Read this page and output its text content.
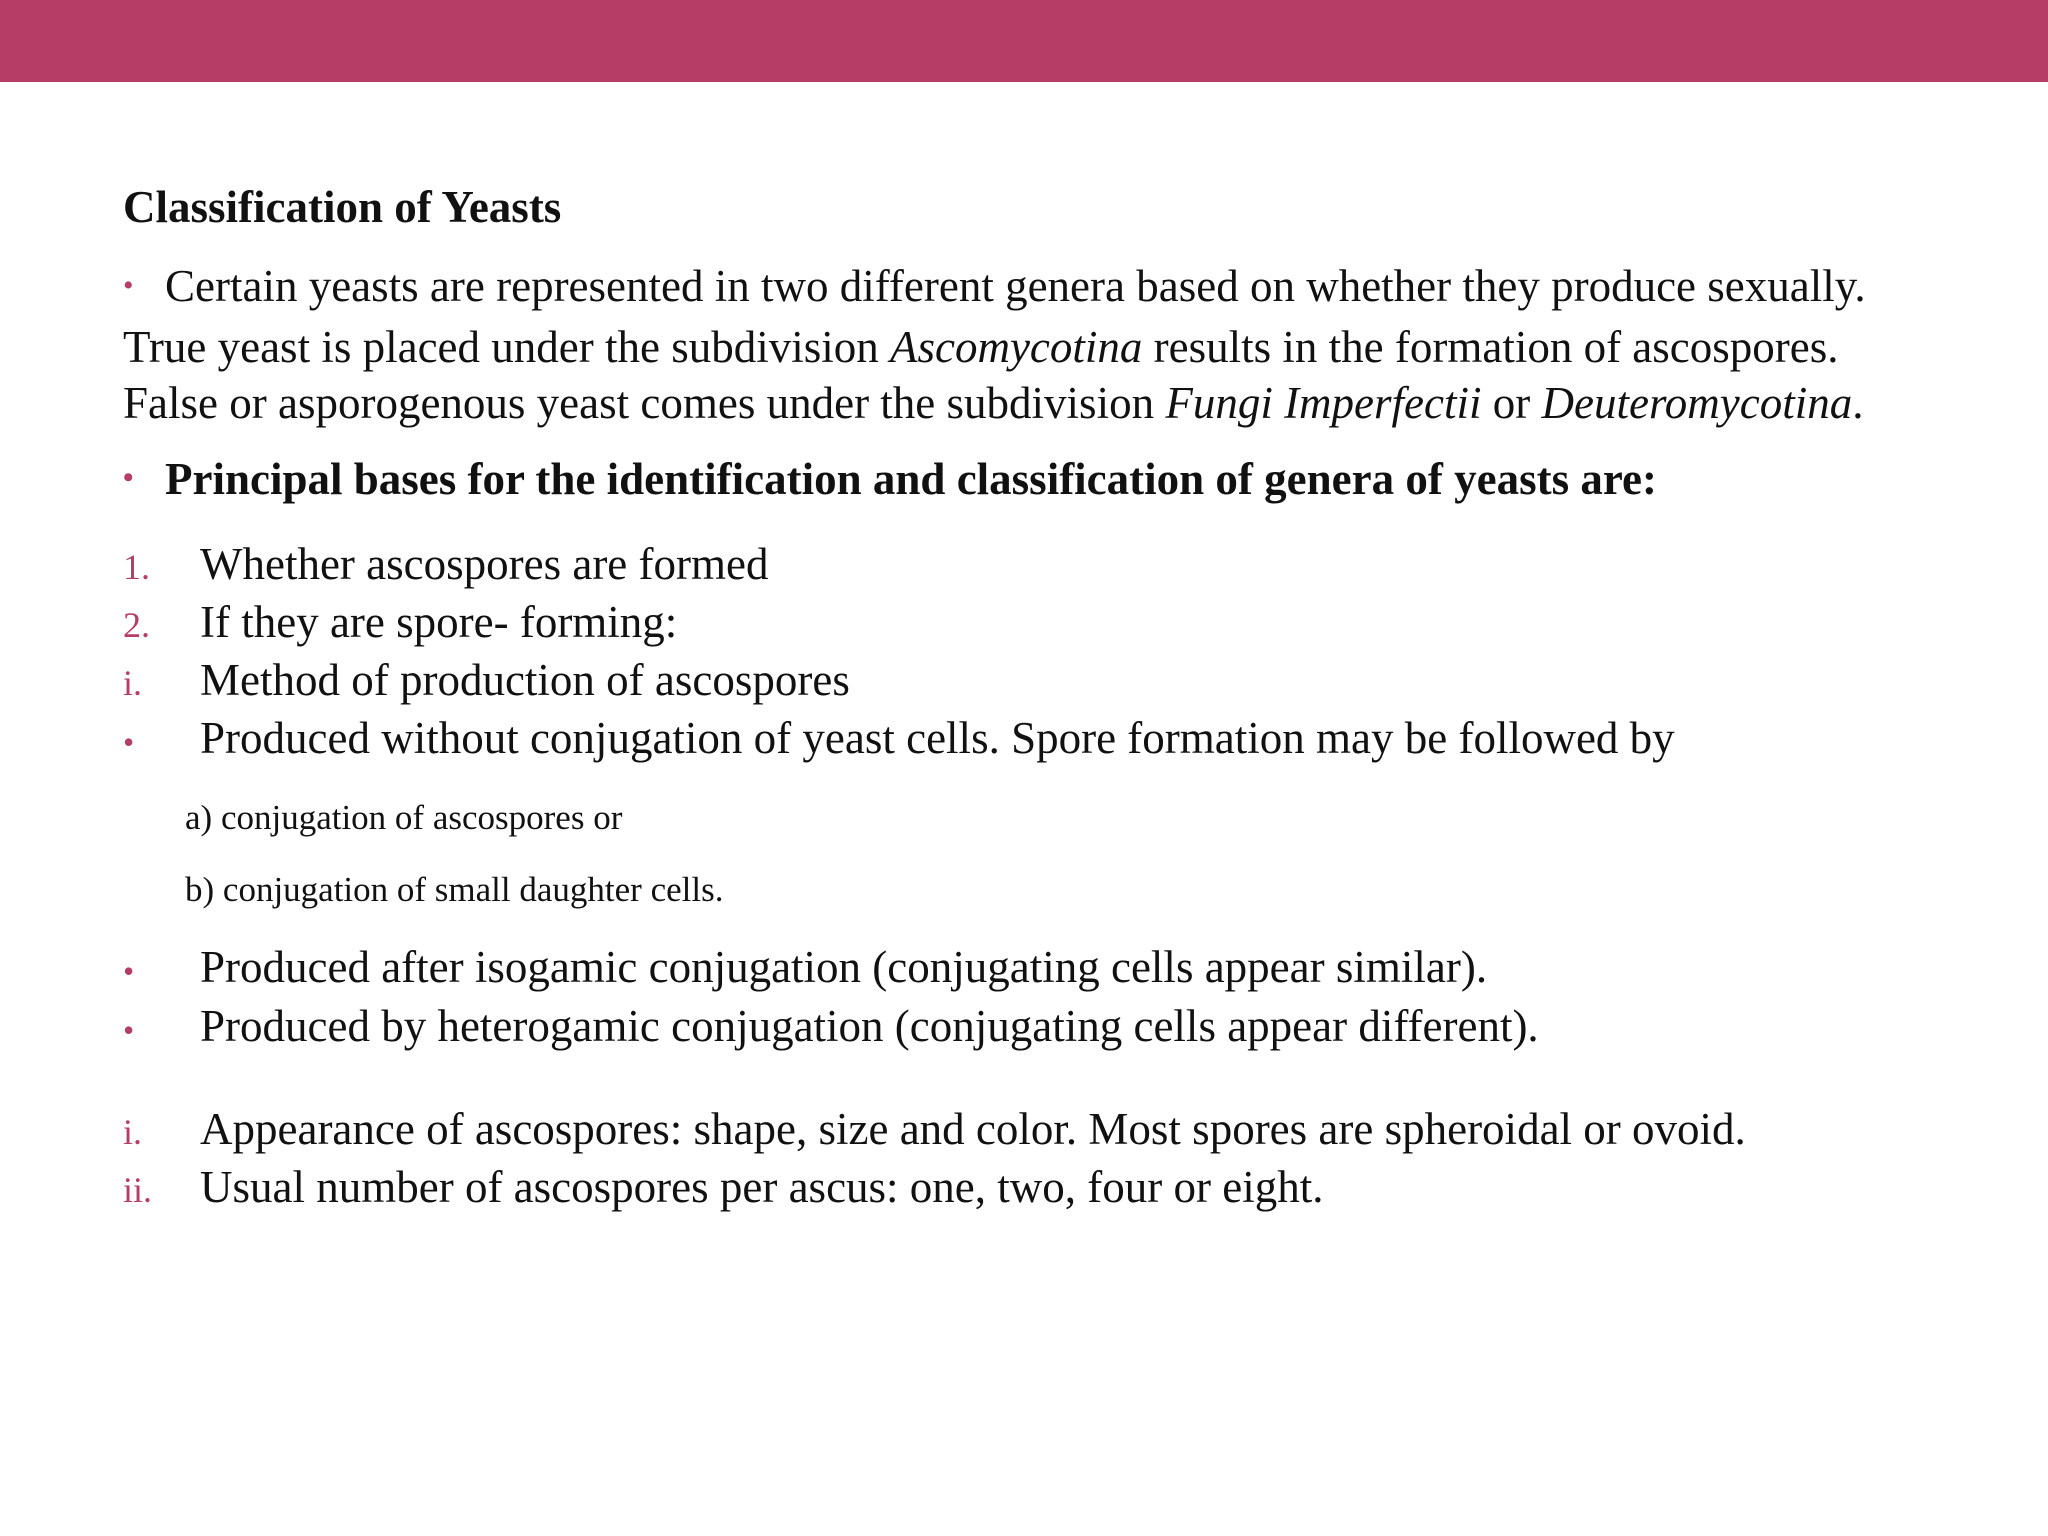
Classification of Yeasts

• Certain yeasts are represented in two different genera based on whether they produce sexually. True yeast is placed under the subdivision Ascomycotina results in the formation of ascospores. False or asporogenous yeast comes under the subdivision Fungi Imperfectii or Deuteromycotina.

• Principal bases for the identification and classification of genera of yeasts are:

1.	Whether ascospores are formed
2.	If they are spore- forming:
i.	Method of production of ascospores
•	Produced without conjugation of yeast cells. Spore formation may be followed by
a) conjugation of ascospores or
b) conjugation of small daughter cells.
•	Produced after isogamic conjugation (conjugating cells appear similar).
•	Produced by heterogamic conjugation (conjugating cells appear different).
i.	Appearance of ascospores: shape, size and color. Most spores are spheroidal or ovoid.
ii.	Usual number of ascospores per ascus: one, two, four or eight.
